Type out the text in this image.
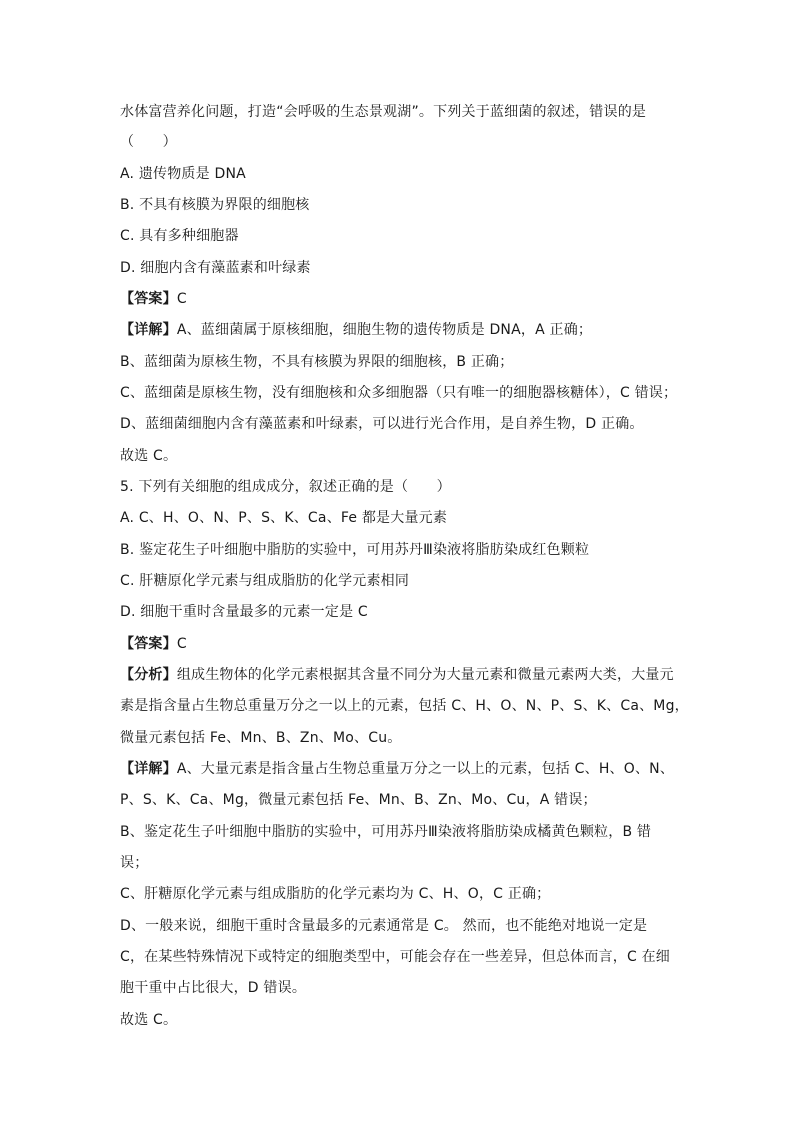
水体富营养化问题，打造“会呼吸的生态景观湖”。下列关于蓝细菌的叙述，错误的是
（　　）
A. 遗传物质是 DNA
B. 不具有核膜为界限的细胞核
C. 具有多种细胞器
D. 细胞内含有藻蓝素和叶绿素
【答案】C
【详解】A、蓝细菌属于原核细胞，细胞生物的遗传物质是 DNA，A 正确；
B、蓝细菌为原核生物，不具有核膜为界限的细胞核，B 正确；
C、蓝细菌是原核生物，没有细胞核和众多细胞器（只有唯一的细胞器核糖体），C 错误；
D、蓝细菌细胞内含有藻蓝素和叶绿素，可以进行光合作用，是自养生物，D 正确。
故选 C。
5. 下列有关细胞的组成成分，叙述正确的是（　　）
A. C、H、O、N、P、S、K、Ca、Fe 都是大量元素
B. 鉴定花生子叶细胞中脂肪的实验中，可用苏丹Ⅲ染液将脂肪染成红色颗粒
C. 肝糖原化学元素与组成脂肪的化学元素相同
D. 细胞干重时含量最多的元素一定是 C
【答案】C
【分析】组成生物体的化学元素根据其含量不同分为大量元素和微量元素两大类，大量元
素是指含量占生物总重量万分之一以上的元素，包括 C、H、O、N、P、S、K、Ca、Mg，
微量元素包括 Fe、Mn、B、Zn、Mo、Cu。
【详解】A、大量元素是指含量占生物总重量万分之一以上的元素，包括 C、H、O、N、
P、S、K、Ca、Mg，微量元素包括 Fe、Mn、B、Zn、Mo、Cu，A 错误；
B、鉴定花生子叶细胞中脂肪的实验中，可用苏丹Ⅲ染液将脂肪染成橘黄色颗粒，B 错
误；
C、肝糖原化学元素与组成脂肪的化学元素均为 C、H、O，C 正确；
D、一般来说，细胞干重时含量最多的元素通常是 C。 然而，也不能绝对地说一定是
C，在某些特殊情况下或特定的细胞类型中，可能会存在一些差异，但总体而言，C 在细
胞干重中占比很大，D 错误。
故选 C。
